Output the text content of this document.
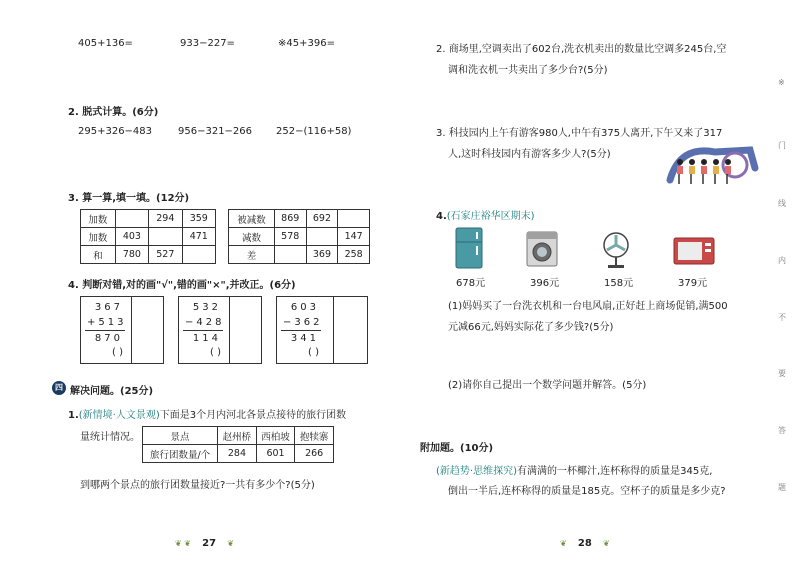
405+136=	933−227=	※45+396=
2. 脱式计算。(6分)
295+326−483	956−321−266 252−(116+58)
3. 算一算,填一填。(12分)
加数		294	359
加数	403		471
和	780	527	
被减数	869	692	
减数	578		147
差		369	258
4. 判断对错,对的画"√",错的画"×",并改正。(6分)
367
+513
870
( )
532
−428
114
( )
603
−362
341
( )
四 解决问题。(25分)
1.(新情境·人文景观)下面是3个月内河北各景点接待的旅行团数
量统计情况。	景点	赵州桥	西柏坡	抱犊寨
旅行团数量/个	284	601	266
到哪两个景点的旅行团数量接近?一共有多少个?(5分)
❦ ❦ 27 ❦
2. 商场里,空调卖出了602台,洗衣机卖出的数量比空调多245台,空
调和洗衣机一共卖出了多少台?(5分)
3. 科技园内上午有游客980人,中午有375人离开,下午又来了317
人,这时科技园内有游客多少人?(5分)
4.(石家庄裕华区期末)
678元	396元	158元	379元
(1)妈妈买了一台洗衣机和一台电风扇,正好赶上商场促销,满500
元减66元,妈妈实际花了多少钱?(5分)
(2)请你自己提出一个数学问题并解答。(5分)
附加题。(10分)
(新趋势·思维探究)有满满的一杯椰汁,连杯称得的质量是345克,
倒出一半后,连杯称得的质量是185克。空杯子的质量是多少克?
❦ 28 ❦
※
门
线
内
不
要
答
题
